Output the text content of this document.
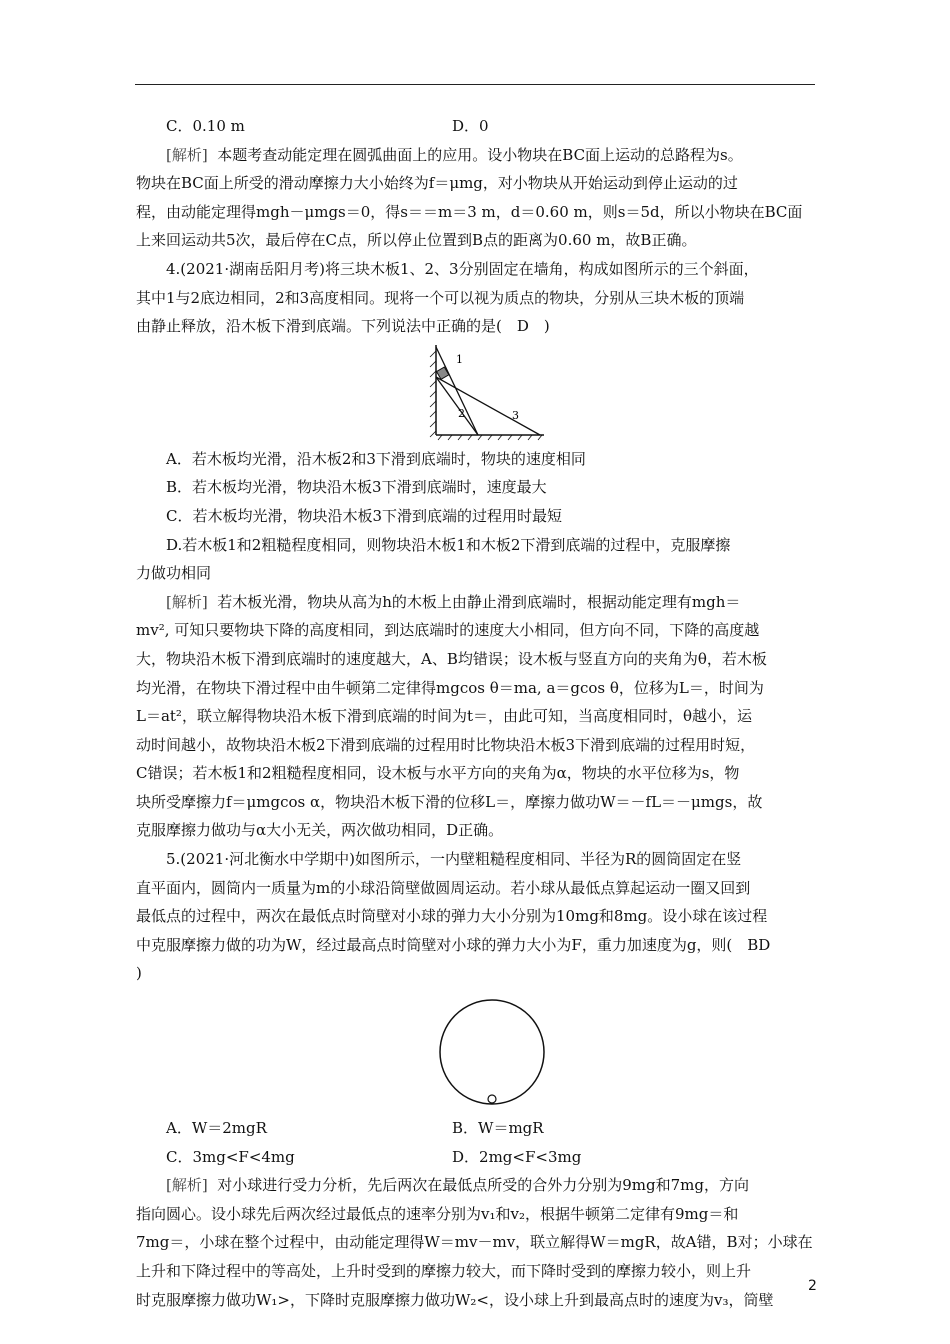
C．0.10 m	D．0

[解析] 本题考查动能定理在圆弧曲面上的应用。设小物块在BC面上运动的总路程为s。

物块在BC面上所受的滑动摩擦力大小始终为f＝μmg，对小物块从开始运动到停止运动的过

程，由动能定理得mgh－μmgs＝0，得s＝＝m＝3 m，d＝0.60 m，则s＝5d，所以小物块在BC面

上来回运动共5次，最后停在C点，所以停止位置到B点的距离为0.60 m，故B正确。

4.(2021·湖南岳阳月考)将三块木板1、2、3分别固定在墙角，构成如图所示的三个斜面，

其中1与2底边相同，2和3高度相同。现将一个可以视为质点的物块，分别从三块木板的顶端

由静止释放，沿木板下滑到底端。下列说法中正确的是(　D　)

1
2	3

A．若木板均光滑，沿木板2和3下滑到底端时，物块的速度相同

B．若木板均光滑，物块沿木板3下滑到底端时，速度最大

C．若木板均光滑，物块沿木板3下滑到底端的过程用时最短

D.若木板1和2粗糙程度相同，则物块沿木板1和木板2下滑到底端的过程中，克服摩擦

力做功相同

[解析] 若木板光滑，物块从高为h的木板上由静止滑到底端时，根据动能定理有mgh＝

mv², 可知只要物块下降的高度相同，到达底端时的速度大小相同，但方向不同，下降的高度越

大，物块沿木板下滑到底端时的速度越大，A、B均错误；设木板与竖直方向的夹角为θ，若木板

均光滑，在物块下滑过程中由牛顿第二定律得mgcos θ＝ma, a＝gcos θ，位移为L＝，时间为

L＝at²，联立解得物块沿木板下滑到底端的时间为t＝，由此可知，当高度相同时，θ越小，运

动时间越小，故物块沿木板2下滑到底端的过程用时比物块沿木板3下滑到底端的过程用时短，

C错误；若木板1和2粗糙程度相同，设木板与水平方向的夹角为α，物块的水平位移为s，物

块所受摩擦力f＝μmgcos α，物块沿木板下滑的位移L＝，摩擦力做功W＝－fL＝－μmgs，故

克服摩擦力做功与α大小无关，两次做功相同，D正确。

5.(2021·河北衡水中学期中)如图所示，一内壁粗糙程度相同、半径为R的圆筒固定在竖

直平面内，圆筒内一质量为m的小球沿筒壁做圆周运动。若小球从最低点算起运动一圈又回到

最低点的过程中，两次在最低点时筒壁对小球的弹力大小分别为10mg和8mg。设小球在该过程

中克服摩擦力做的功为W，经过最高点时筒壁对小球的弹力大小为F，重力加速度为g，则(　BD

)

A．W＝2mgR	B．W＝mgR
C．3mg<F<4mg	D．2mg<F<3mg

[解析] 对小球进行受力分析，先后两次在最低点所受的合外力分别为9mg和7mg，方向

指向圆心。设小球先后两次经过最低点的速率分别为v₁和v₂，根据牛顿第二定律有9mg＝和

7mg＝，小球在整个过程中，由动能定理得W＝mv－mv，联立解得W＝mgR，故A错，B对；小球在

上升和下降过程中的等高处，上升时受到的摩擦力较大，而下降时受到的摩擦力较小，则上升

时克服摩擦力做功W₁>，下降时克服摩擦力做功W₂<，设小球上升到最高点时的速度为v₃，筒壁

2
